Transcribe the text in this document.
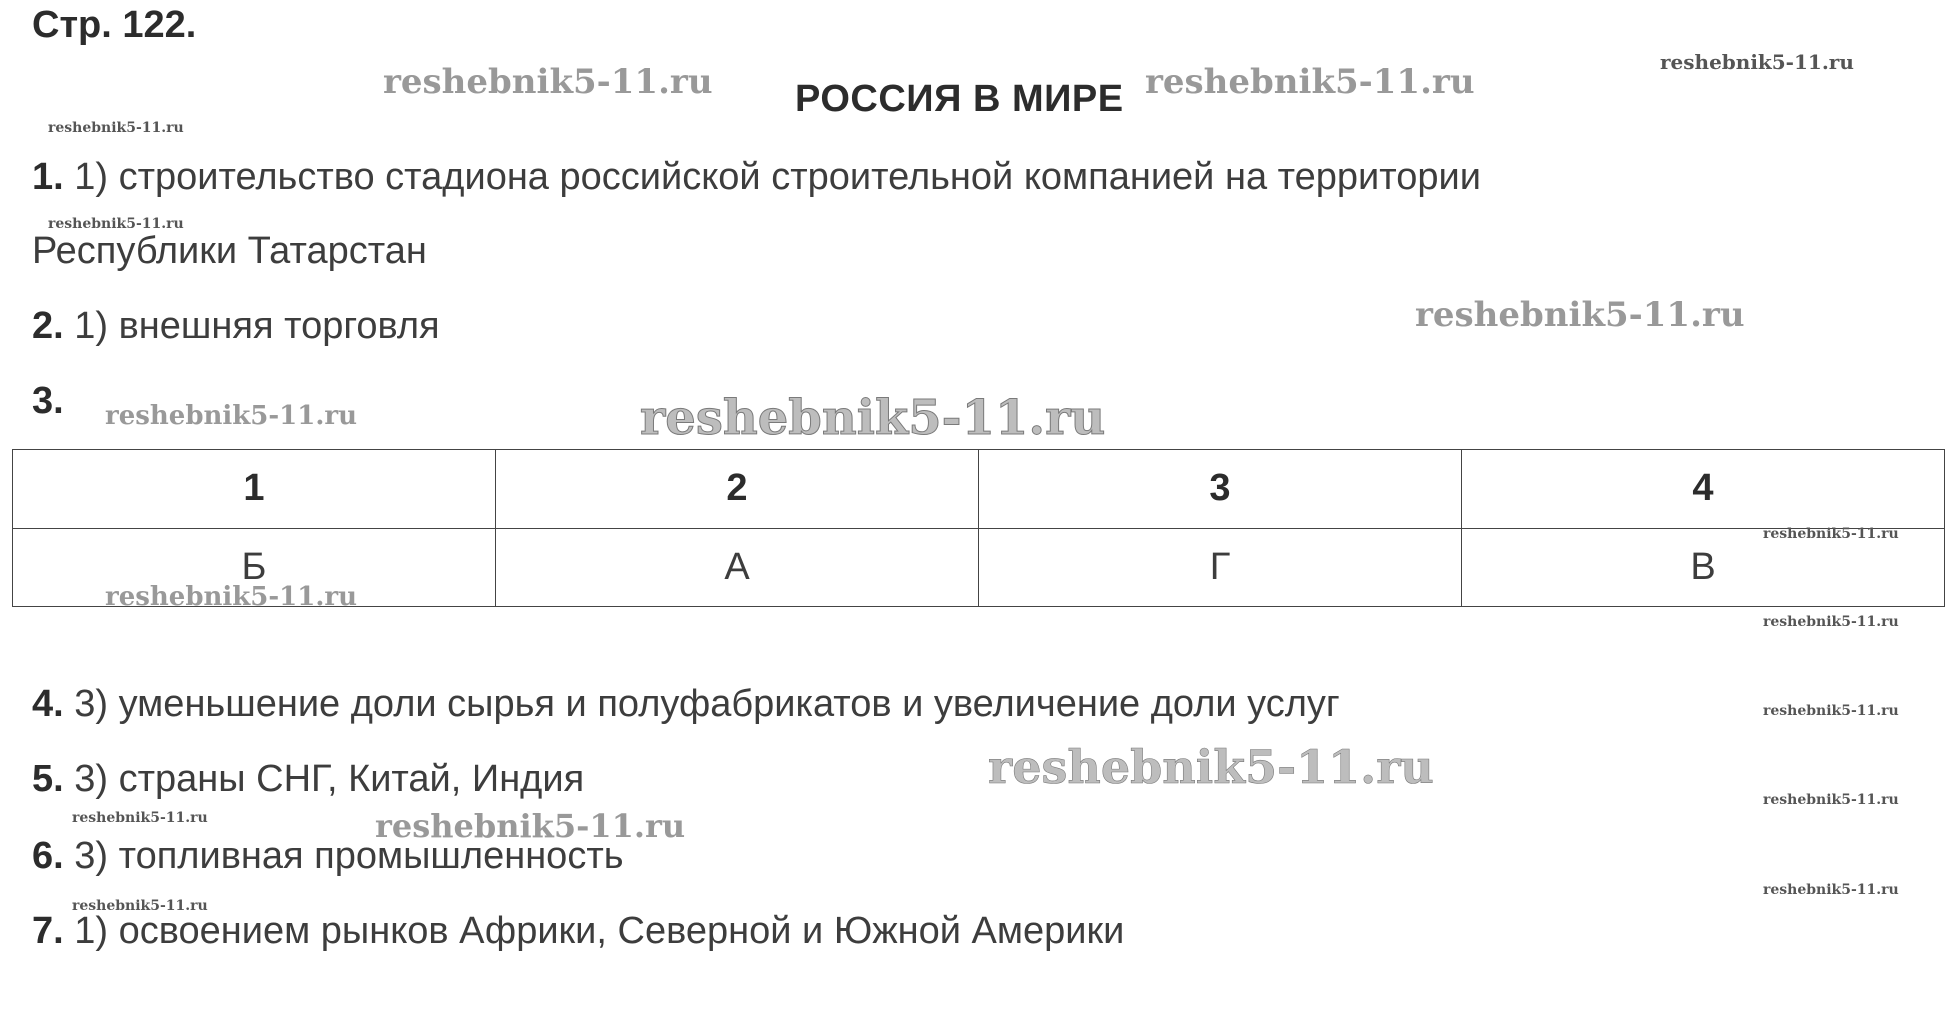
Стр. 122.
РОССИЯ В МИРЕ
1. 1) строительство стадиона российской строительной компанией на территории
Республики Татарстан
2. 1) внешняя торговля
3.
1	2	3	4
Б	А	Г	В
4. 3) уменьшение доли сырья и полуфабрикатов и увеличение доли услуг
5. 3) страны СНГ, Китай, Индия
6. 3) топливная промышленность
7. 1) освоением рынков Африки, Северной и Южной Америки
reshebnik5-11.ru	reshebnik5-11.ru	reshebnik5-11.ru
reshebnik5-11.ru
reshebnik5-11.ru
reshebnik5-11.ru
reshebnik5-11.ru	reshebnik5-11.ru
reshebnik5-11.ru
reshebnik5-11.ru
reshebnik5-11.ru
reshebnik5-11.ru
reshebnik5-11.ru
reshebnik5-11.ru
reshebnik5-11.ru	reshebnik5-11.ru
reshebnik5-11.ru
reshebnik5-11.ru
